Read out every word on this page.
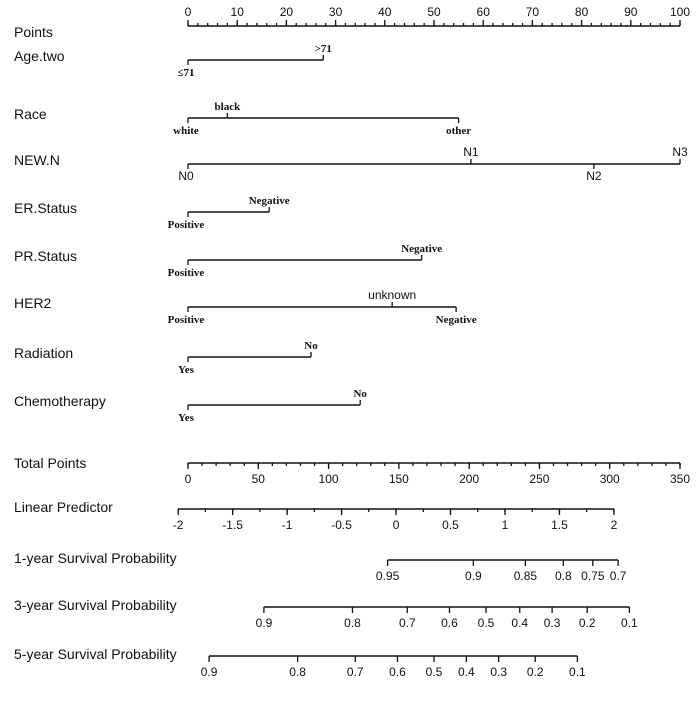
Points
Age.two
Race
NEW.N
ER.Status
PR.Status
HER2
Radiation
Chemotherapy
Total Points
Linear Predictor
1-year Survival Probability
3-year Survival Probability
5-year Survival Probability
0	10	20	30	40	50	60	70	80	90	100
≤71
>71
white
black
other
N0
N1
N2
N3
Positive
Negative
Positive
Negative
Positive
unknown
Negative
Yes
No
Yes
No
0	50	100	150	200	250	300	350
-2	-1.5	-1	-0.5	0	0.5	1	1.5	2
0.95	0.9	0.85 0.8 0.75 0.7
0.9	0.8	0.7 0.6 0.5 0.4 0.3 0.2 0.1
0.9	0.8	0.7 0.6 0.5 0.4 0.3 0.2 0.1
